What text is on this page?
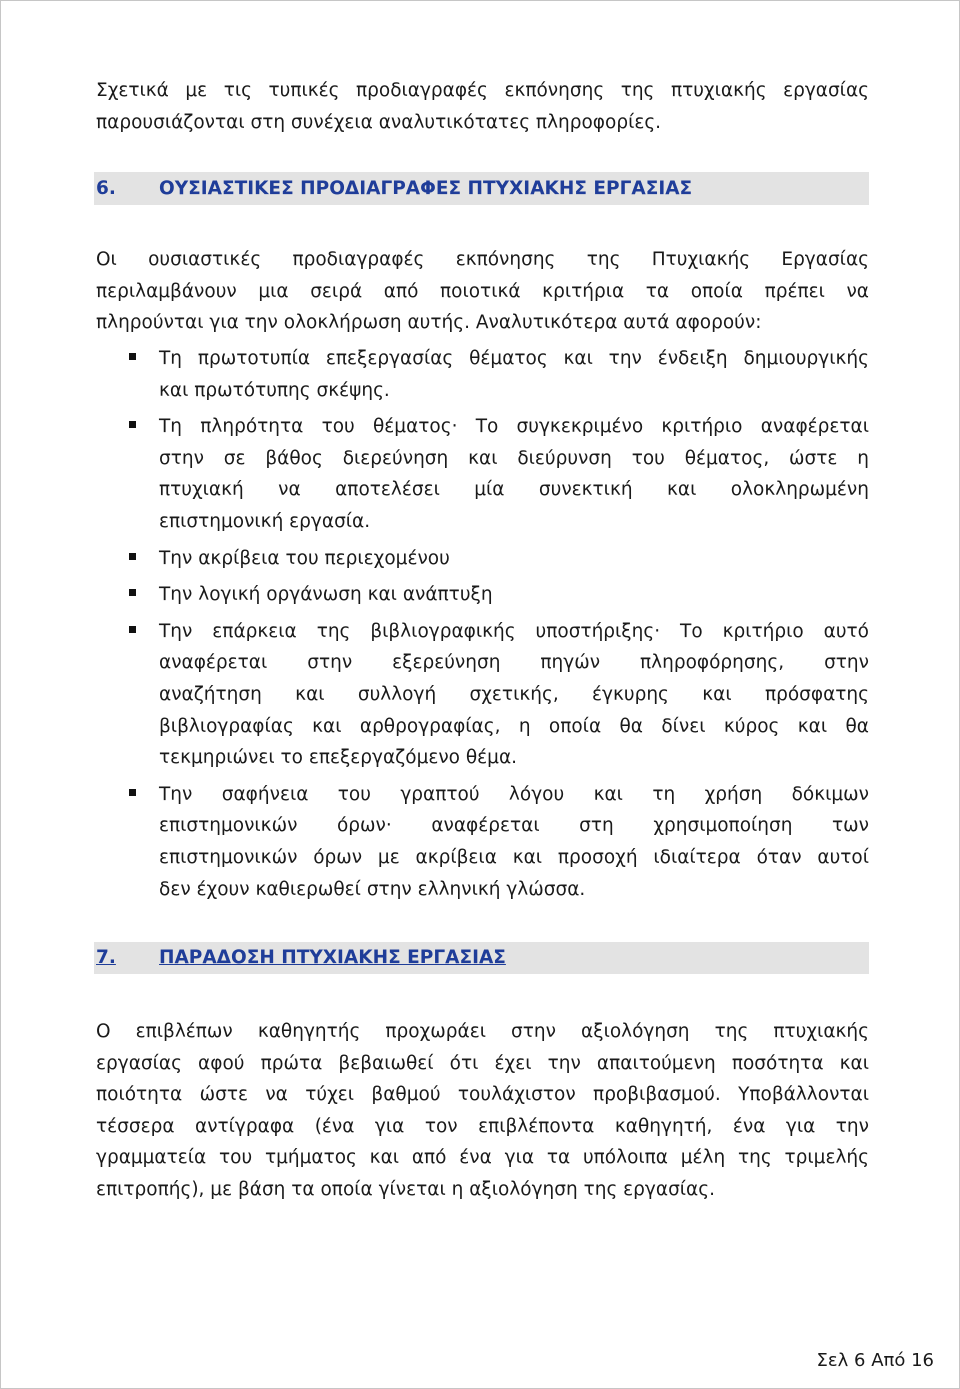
Σχετικά με τις τυπικές προδιαγραφές εκπόνησης της πτυχιακής εργασίας
παρουσιάζονται στη συνέχεια αναλυτικότατες πληροφορίες.
6. ΟΥΣΙΑΣΤΙΚΕΣ ΠΡΟΔΙΑΓΡΑΦΕΣ ΠΤΥΧΙΑΚΗΣ ΕΡΓΑΣΙΑΣ
Οι ουσιαστικές προδιαγραφές εκπόνησης της Πτυχιακής Εργασίας
περιλαμβάνουν μια σειρά από ποιοτικά κριτήρια τα οποία πρέπει να
πληρούνται για την ολοκλήρωση αυτής. Αναλυτικότερα αυτά αφορούν:
Τη πρωτοτυπία επεξεργασίας θέματος και την ένδειξη δημιουργικής
και πρωτότυπης σκέψης.
Τη πληρότητα του θέματος· Το συγκεκριμένο κριτήριο αναφέρεται
στην σε βάθος διερεύνηση και διεύρυνση του θέματος, ώστε η
πτυχιακή να αποτελέσει μία συνεκτική και ολοκληρωμένη
επιστημονική εργασία.
Την ακρίβεια του περιεχομένου
Την λογική οργάνωση και ανάπτυξη
Την επάρκεια της βιβλιογραφικής υποστήριξης· Το κριτήριο αυτό
αναφέρεται στην εξερεύνηση πηγών πληροφόρησης, στην
αναζήτηση και συλλογή σχετικής, έγκυρης και πρόσφατης
βιβλιογραφίας και αρθρογραφίας, η οποία θα δίνει κύρος και θα
τεκμηριώνει το επεξεργαζόμενο θέμα.
Την σαφήνεια του γραπτού λόγου και τη χρήση δόκιμων
επιστημονικών όρων· αναφέρεται στη χρησιμοποίηση των
επιστημονικών όρων με ακρίβεια και προσοχή ιδιαίτερα όταν αυτοί
δεν έχουν καθιερωθεί στην ελληνική γλώσσα.
7. ΠΑΡΑΔΟΣΗ ΠΤΥΧΙΑΚΗΣ ΕΡΓΑΣΙΑΣ
Ο επιβλέπων καθηγητής προχωράει στην αξιολόγηση της πτυχιακής
εργασίας αφού πρώτα βεβαιωθεί ότι έχει την απαιτούμενη ποσότητα και
ποιότητα ώστε να τύχει βαθμού τουλάχιστον προβιβασμού. Υποβάλλονται
τέσσερα αντίγραφα (ένα για τον επιβλέποντα καθηγητή, ένα για την
γραμματεία του τμήματος και από ένα για τα υπόλοιπα μέλη της τριμελής
επιτροπής), με βάση τα οποία γίνεται η αξιολόγηση της εργασίας.
Σελ 6 Από 16
